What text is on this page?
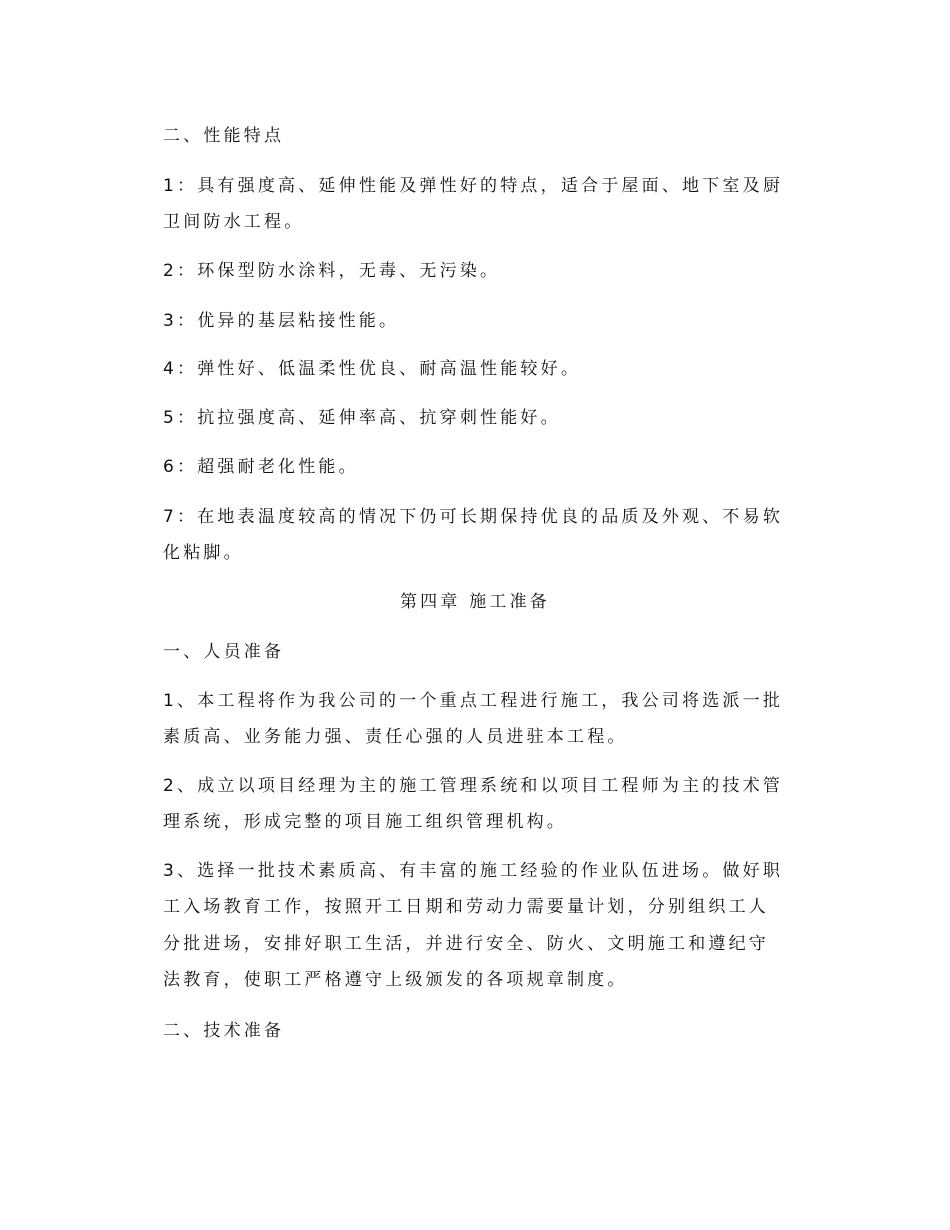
二、性能特点
1：具有强度高、延伸性能及弹性好的特点，适合于屋面、地下室及厨
卫间防水工程。
2：环保型防水涂料，无毒、无污染。
3：优异的基层粘接性能。
4：弹性好、低温柔性优良、耐高温性能较好。
5：抗拉强度高、延伸率高、抗穿刺性能好。
6：超强耐老化性能。
7：在地表温度较高的情况下仍可长期保持优良的品质及外观、不易软
化粘脚。
第四章 施工准备
一、人员准备
1、本工程将作为我公司的一个重点工程进行施工，我公司将选派一批
素质高、业务能力强、责任心强的人员进驻本工程。
2、成立以项目经理为主的施工管理系统和以项目工程师为主的技术管
理系统，形成完整的项目施工组织管理机构。
3、选择一批技术素质高、有丰富的施工经验的作业队伍进场。做好职
工入场教育工作，按照开工日期和劳动力需要量计划，分别组织工人
分批进场，安排好职工生活，并进行安全、防火、文明施工和遵纪守
法教育，使职工严格遵守上级颁发的各项规章制度。
二、技术准备
